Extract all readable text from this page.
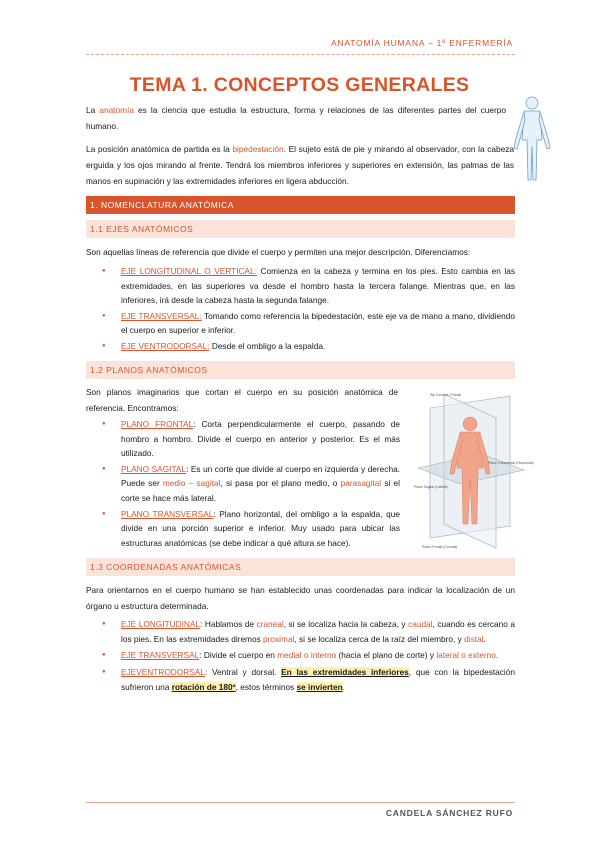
ANATOMÍA HUMANA – 1º ENFERMERÍA
TEMA 1. CONCEPTOS GENERALES
La anatomía es la ciencia que estudia la estructura, forma y relaciones de las diferentes partes del cuerpo humano.
La posición anatómica de partida es la bipedestación. El sujeto está de pie y mirando al observador, con la cabeza erguida y los ojos mirando al frente. Tendrá los miembros inferiores y superiores en extensión, las palmas de las manos en supinación y las extremidades inferiores en ligera abducción.
1. NOMENCLATURA ANATÓMICA
1.1 EJES ANATÓMICOS
Son aquellas líneas de referencia que divide el cuerpo y permiten una mejor descripción. Diferenciamos:
● EJE LONGITUDINAL O VERTICAL: Comienza en la cabeza y termina en los pies. Esto cambia en las extremidades, en las superiores va desde el hombro hasta la tercera falange. Mientras que, en las inferiores, irá desde la cabeza hasta la segunda falange.
● EJE TRANSVERSAL: Tomando como referencia la bipedestación, este eje va de mano a mano, dividiendo el cuerpo en superior e inferior.
● EJE VENTRODORSAL: Desde el ombligo a la espalda.
1.2 PLANOS ANATÓMICOS
Son planos imaginarios que cortan el cuerpo en su posición anatómica de referencia. Encontramos:
● PLANO FRONTAL: Corta perpendicularmente el cuerpo, pasando de hombro a hombro. Divide el cuerpo en anterior y posterior. Es el más utilizado.
● PLANO SAGITAL: Es un corte que divide al cuerpo en izquierda y derecha. Puede ser medio – sagital, si pasa por el plano medio, o parasagital si el corte se hace más lateral.
● PLANO TRANSVERSAL: Plano horizontal, del ombligo a la espalda, que divide en una porción superior e inferior. Muy usado para ubicar las estructuras anatómicas (se debe indicar a qué altura se hace).
Eje Coronal / Frontal
Plano Transversal (Horizontal)
Plano Sagital (Lateral)
Plano Frontal (Coronal)
1.3 COORDENADAS ANATÓMICAS
Para orientarnos en el cuerpo humano se han establecido unas coordenadas para indicar la localización de un órgano u estructura determinada.
● EJE LONGITUDINAL: Hablamos de craneal, si se localiza hacia la cabeza, y caudal, cuando es cercano a los pies. En las extremidades diremos proximal, si se localiza cerca de la raíz del miembro, y distal.
● EJE TRANSVERSAL: Divide el cuerpo en medial o interno (hacia el plano de corte) y lateral o externo.
● EJEVENTRODORSAL: Ventral y dorsal. En las extremidades inferiores, que con la bipedestación sufrieron una rotación de 180º, estos términos se invierten.
CANDELA SÁNCHEZ RUFO
